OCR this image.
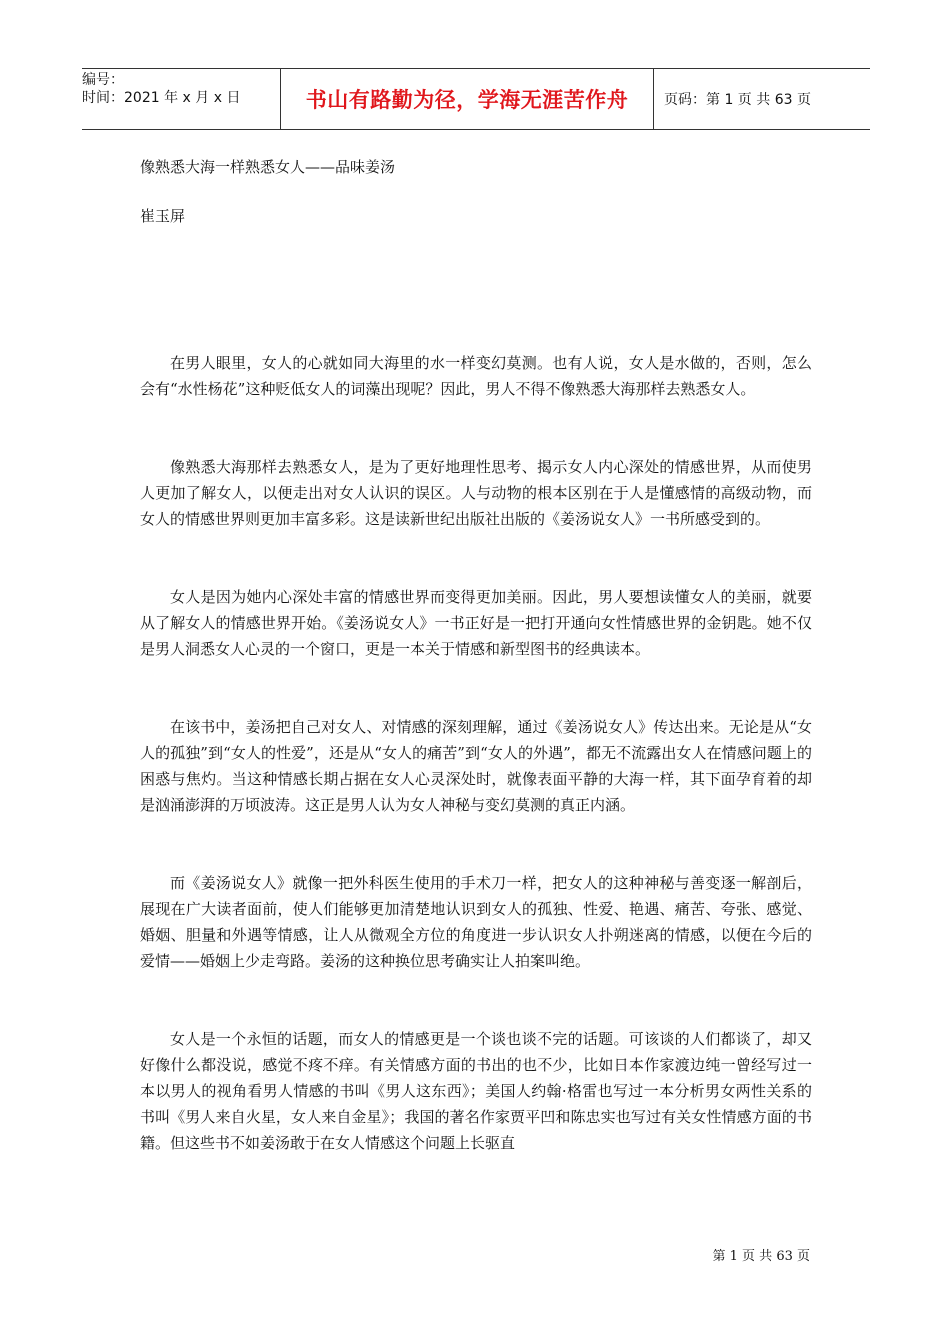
编号：
时间：2021 年 x 月 x 日	书山有路勤为径，学海无涯苦作舟	页码：第 1 页 共 63 页
像熟悉大海一样熟悉女人——品味姜汤
崔玉屏

在男人眼里，女人的心就如同大海里的水一样变幻莫测。也有人说，女人是水做的，否则，怎么会有“水性杨花”这种贬低女人的词藻出现呢？因此，男人不得不像熟悉大海那样去熟悉女人。

像熟悉大海那样去熟悉女人，是为了更好地理性思考、揭示女人内心深处的情感世界，从而使男人更加了解女人，以便走出对女人认识的误区。人与动物的根本区别在于人是懂感情的高级动物，而女人的情感世界则更加丰富多彩。这是读新世纪出版社出版的《姜汤说女人》一书所感受到的。

女人是因为她内心深处丰富的情感世界而变得更加美丽。因此，男人要想读懂女人的美丽，就要从了解女人的情感世界开始。《姜汤说女人》一书正好是一把打开通向女性情感世界的金钥匙。她不仅是男人洞悉女人心灵的一个窗口，更是一本关于情感和新型图书的经典读本。

在该书中，姜汤把自己对女人、对情感的深刻理解，通过《姜汤说女人》传达出来。无论是从“女人的孤独”到“女人的性爱”，还是从“女人的痛苦”到“女人的外遇”，都无不流露出女人在情感问题上的困惑与焦灼。当这种情感长期占据在女人心灵深处时，就像表面平静的大海一样，其下面孕育着的却是汹涌澎湃的万顷波涛。这正是男人认为女人神秘与变幻莫测的真正内涵。

而《姜汤说女人》就像一把外科医生使用的手术刀一样，把女人的这种神秘与善变逐一解剖后，展现在广大读者面前，使人们能够更加清楚地认识到女人的孤独、性爱、艳遇、痛苦、夸张、感觉、婚姻、胆量和外遇等情感，让人从微观全方位的角度进一步认识女人扑朔迷离的情感，以便在今后的爱情——婚姻上少走弯路。姜汤的这种换位思考确实让人拍案叫绝。

女人是一个永恒的话题，而女人的情感更是一个谈也谈不完的话题。可该谈的人们都谈了，却又好像什么都没说，感觉不疼不痒。有关情感方面的书出的也不少，比如日本作家渡边纯一曾经写过一本以男人的视角看男人情感的书叫《男人这东西》；美国人约翰·格雷也写过一本分析男女两性关系的书叫《男人来自火星，女人来自金星》；我国的著名作家贾平凹和陈忠实也写过有关女性情感方面的书籍。但这些书不如姜汤敢于在女人情感这个问题上长驱直

第 1 页 共 63 页
